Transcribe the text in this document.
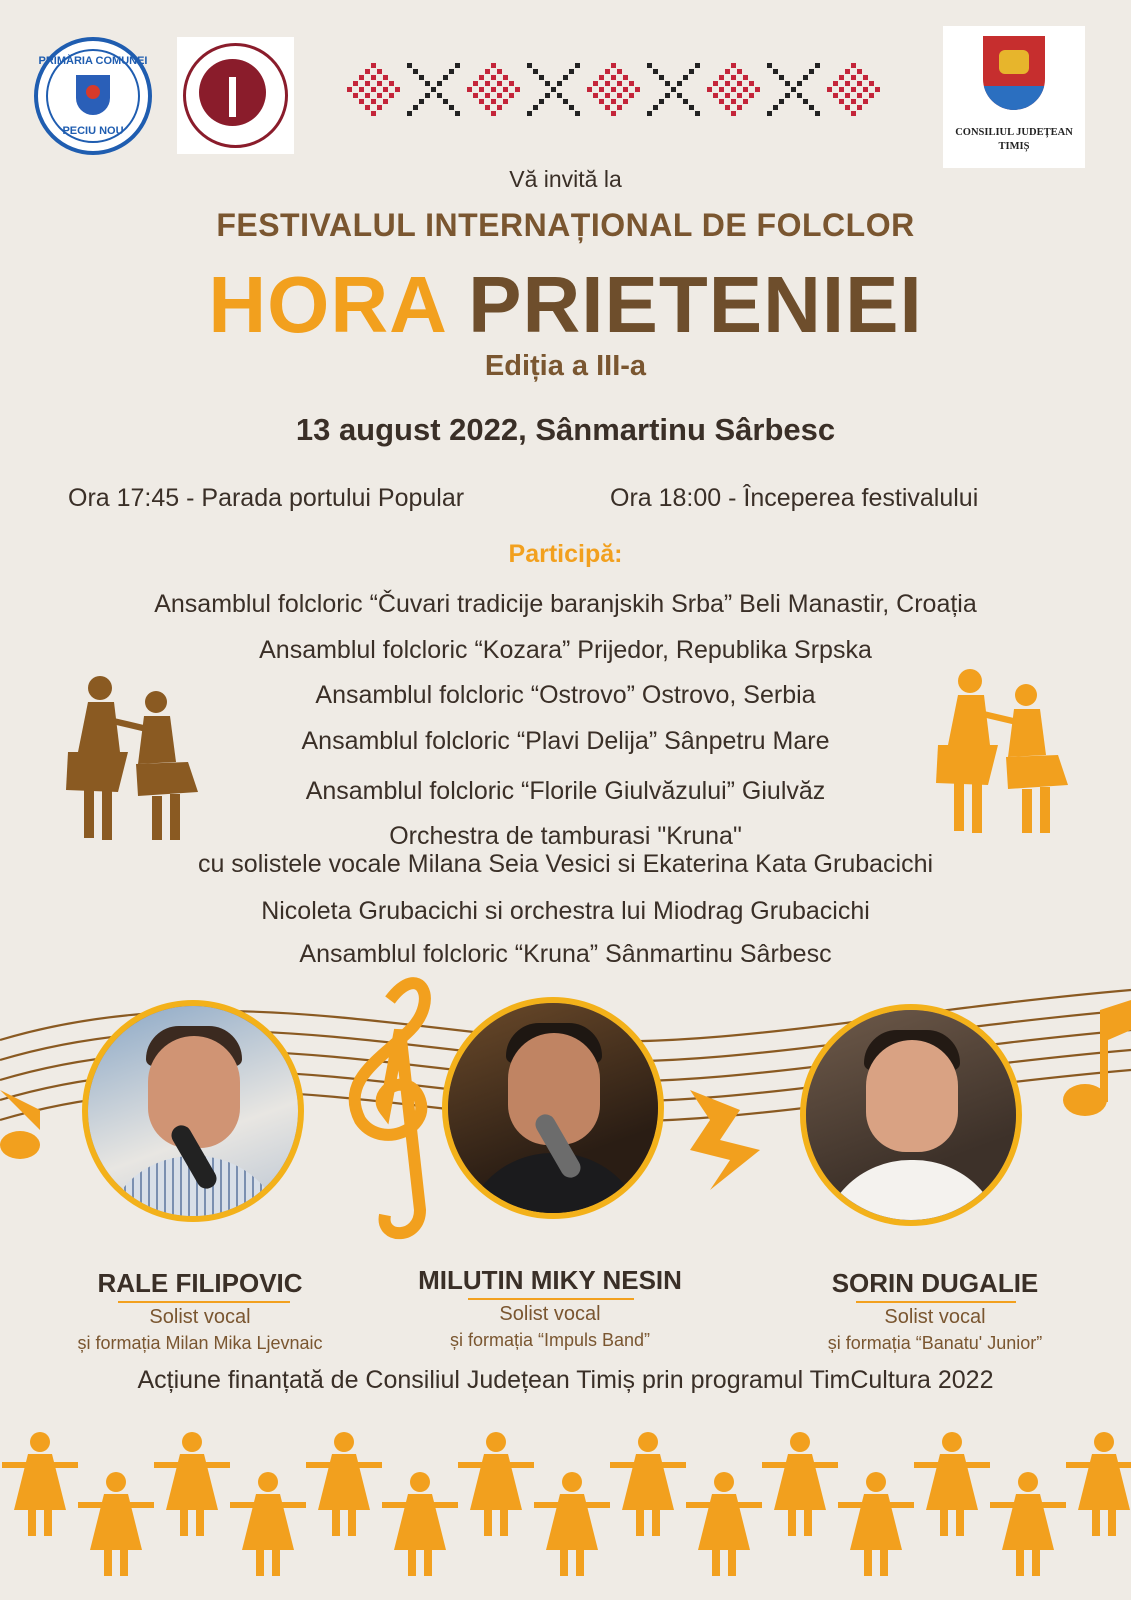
PRIMĂRIA COMUNEI
PECIU NOU	CONSILIUL JUDEȚEAN
TIMIȘ
Vă invită la
FESTIVALUL INTERNAȚIONAL DE FOLCLOR
HORA PRIETENIEI
Ediția a III-a
13 august 2022, Sânmartinu Sârbesc
Ora 17:45 - Parada portului Popular	Ora 18:00 - Începerea festivalului
Participă:
Ansamblul folcloric “Čuvari tradicije baranjskih Srba” Beli Manastir, Croația
Ansamblul folcloric “Kozara” Prijedor, Republika Srpska
Ansamblul folcloric “Ostrovo” Ostrovo, Serbia
Ansamblul folcloric “Plavi Delija” Sânpetru Mare
Ansamblul folcloric “Florile Giulvăzului” Giulvăz
Orchestra de tamburasi "Kruna"
cu solistele vocale Milana Seia Vesici si Ekaterina Kata Grubacichi
Nicoleta Grubacichi si orchestra lui Miodrag Grubacichi
Ansamblul folcloric “Kruna” Sânmartinu Sârbesc
RALE FILIPOVIC
Solist vocal
și formația Milan Mika Ljevnaic
MILUTIN MIKY NESIN
Solist vocal
și formația “Impuls Band”
SORIN DUGALIE
Solist vocal
și formația “Banatu' Junior”
Acțiune finanțată de Consiliul Județean Timiș prin programul TimCultura 2022
